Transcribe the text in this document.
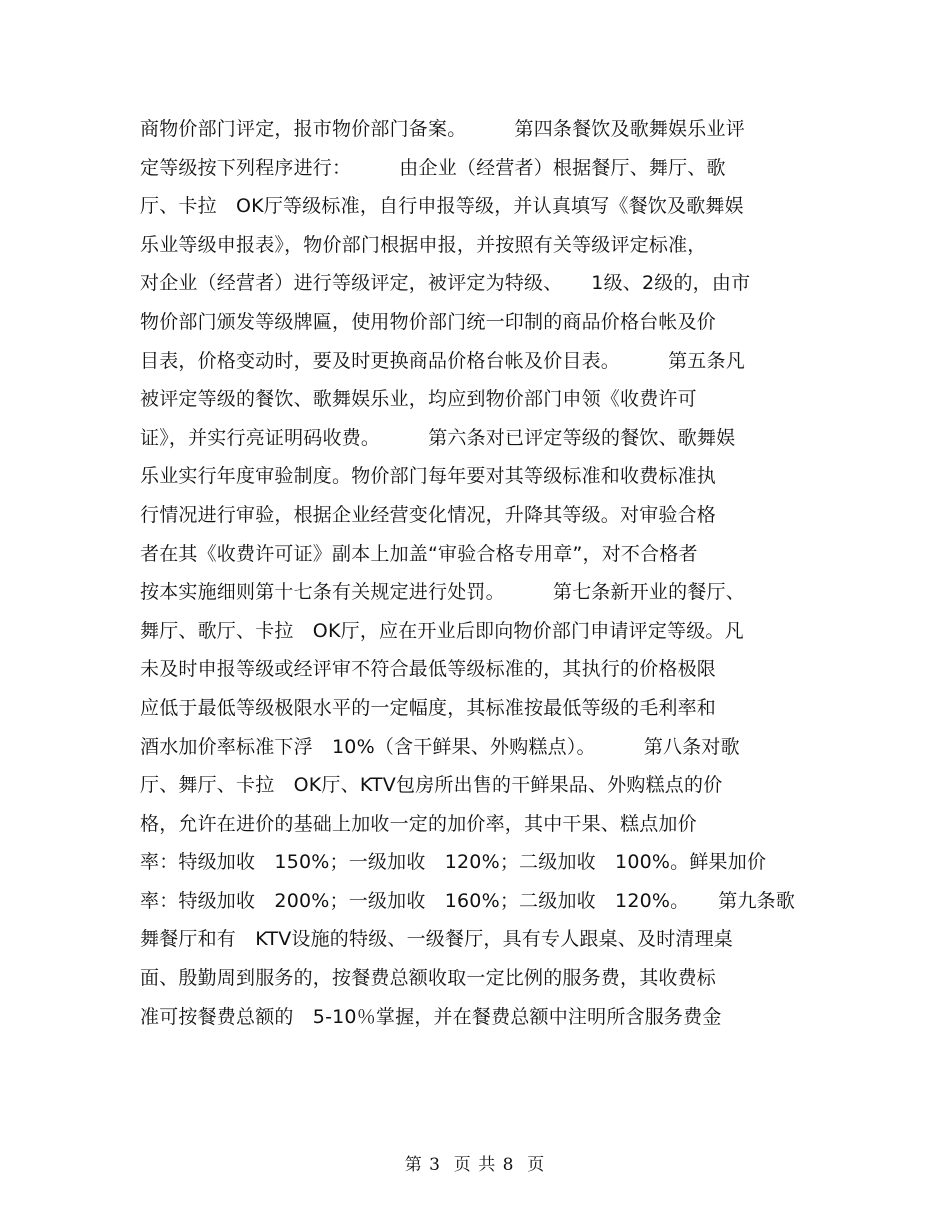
商物价部门评定，报市物价部门备案。　　　第四条餐饮及歌舞娱乐业评
定等级按下列程序进行：　　　由企业（经营者）根据餐厅、舞厅、歌
厅、卡拉　OK厅等级标准，自行申报等级，并认真填写《餐饮及歌舞娱
乐业等级申报表》，物价部门根据申报，并按照有关等级评定标准，
对企业（经营者）进行等级评定，被评定为特级、　　1级、2级的，由市
物价部门颁发等级牌匾，使用物价部门统一印制的商品价格台帐及价
目表，价格变动时，要及时更换商品价格台帐及价目表。　　　第五条凡
被评定等级的餐饮、歌舞娱乐业，均应到物价部门申领《收费许可
证》，并实行亮证明码收费。　　　第六条对已评定等级的餐饮、歌舞娱
乐业实行年度审验制度。物价部门每年要对其等级标准和收费标准执
行情况进行审验，根据企业经营变化情况，升降其等级。对审验合格
者在其《收费许可证》副本上加盖“审验合格专用章”，对不合格者
按本实施细则第十七条有关规定进行处罚。　　　第七条新开业的餐厅、
舞厅、歌厅、卡拉　OK厅，应在开业后即向物价部门申请评定等级。凡
未及时申报等级或经评审不符合最低等级标准的，其执行的价格极限
应低于最低等级极限水平的一定幅度，其标准按最低等级的毛利率和
酒水加价率标准下浮　10%（含干鲜果、外购糕点）。　　　第八条对歌
厅、舞厅、卡拉　OK厅、KTV包房所出售的干鲜果品、外购糕点的价
格，允许在进价的基础上加收一定的加价率，其中干果、糕点加价
率：特级加收　150%；一级加收　120%；二级加收　100%。鲜果加价
率：特级加收　200%；一级加收　160%；二级加收　120%。　　第九条歌
舞餐厅和有　KTV设施的特级、一级餐厅，具有专人跟桌、及时清理桌
面、殷勤周到服务的，按餐费总额收取一定比例的服务费，其收费标
准可按餐费总额的　5-10％掌握，并在餐费总额中注明所含服务费金
第 3  页 共 8  页
